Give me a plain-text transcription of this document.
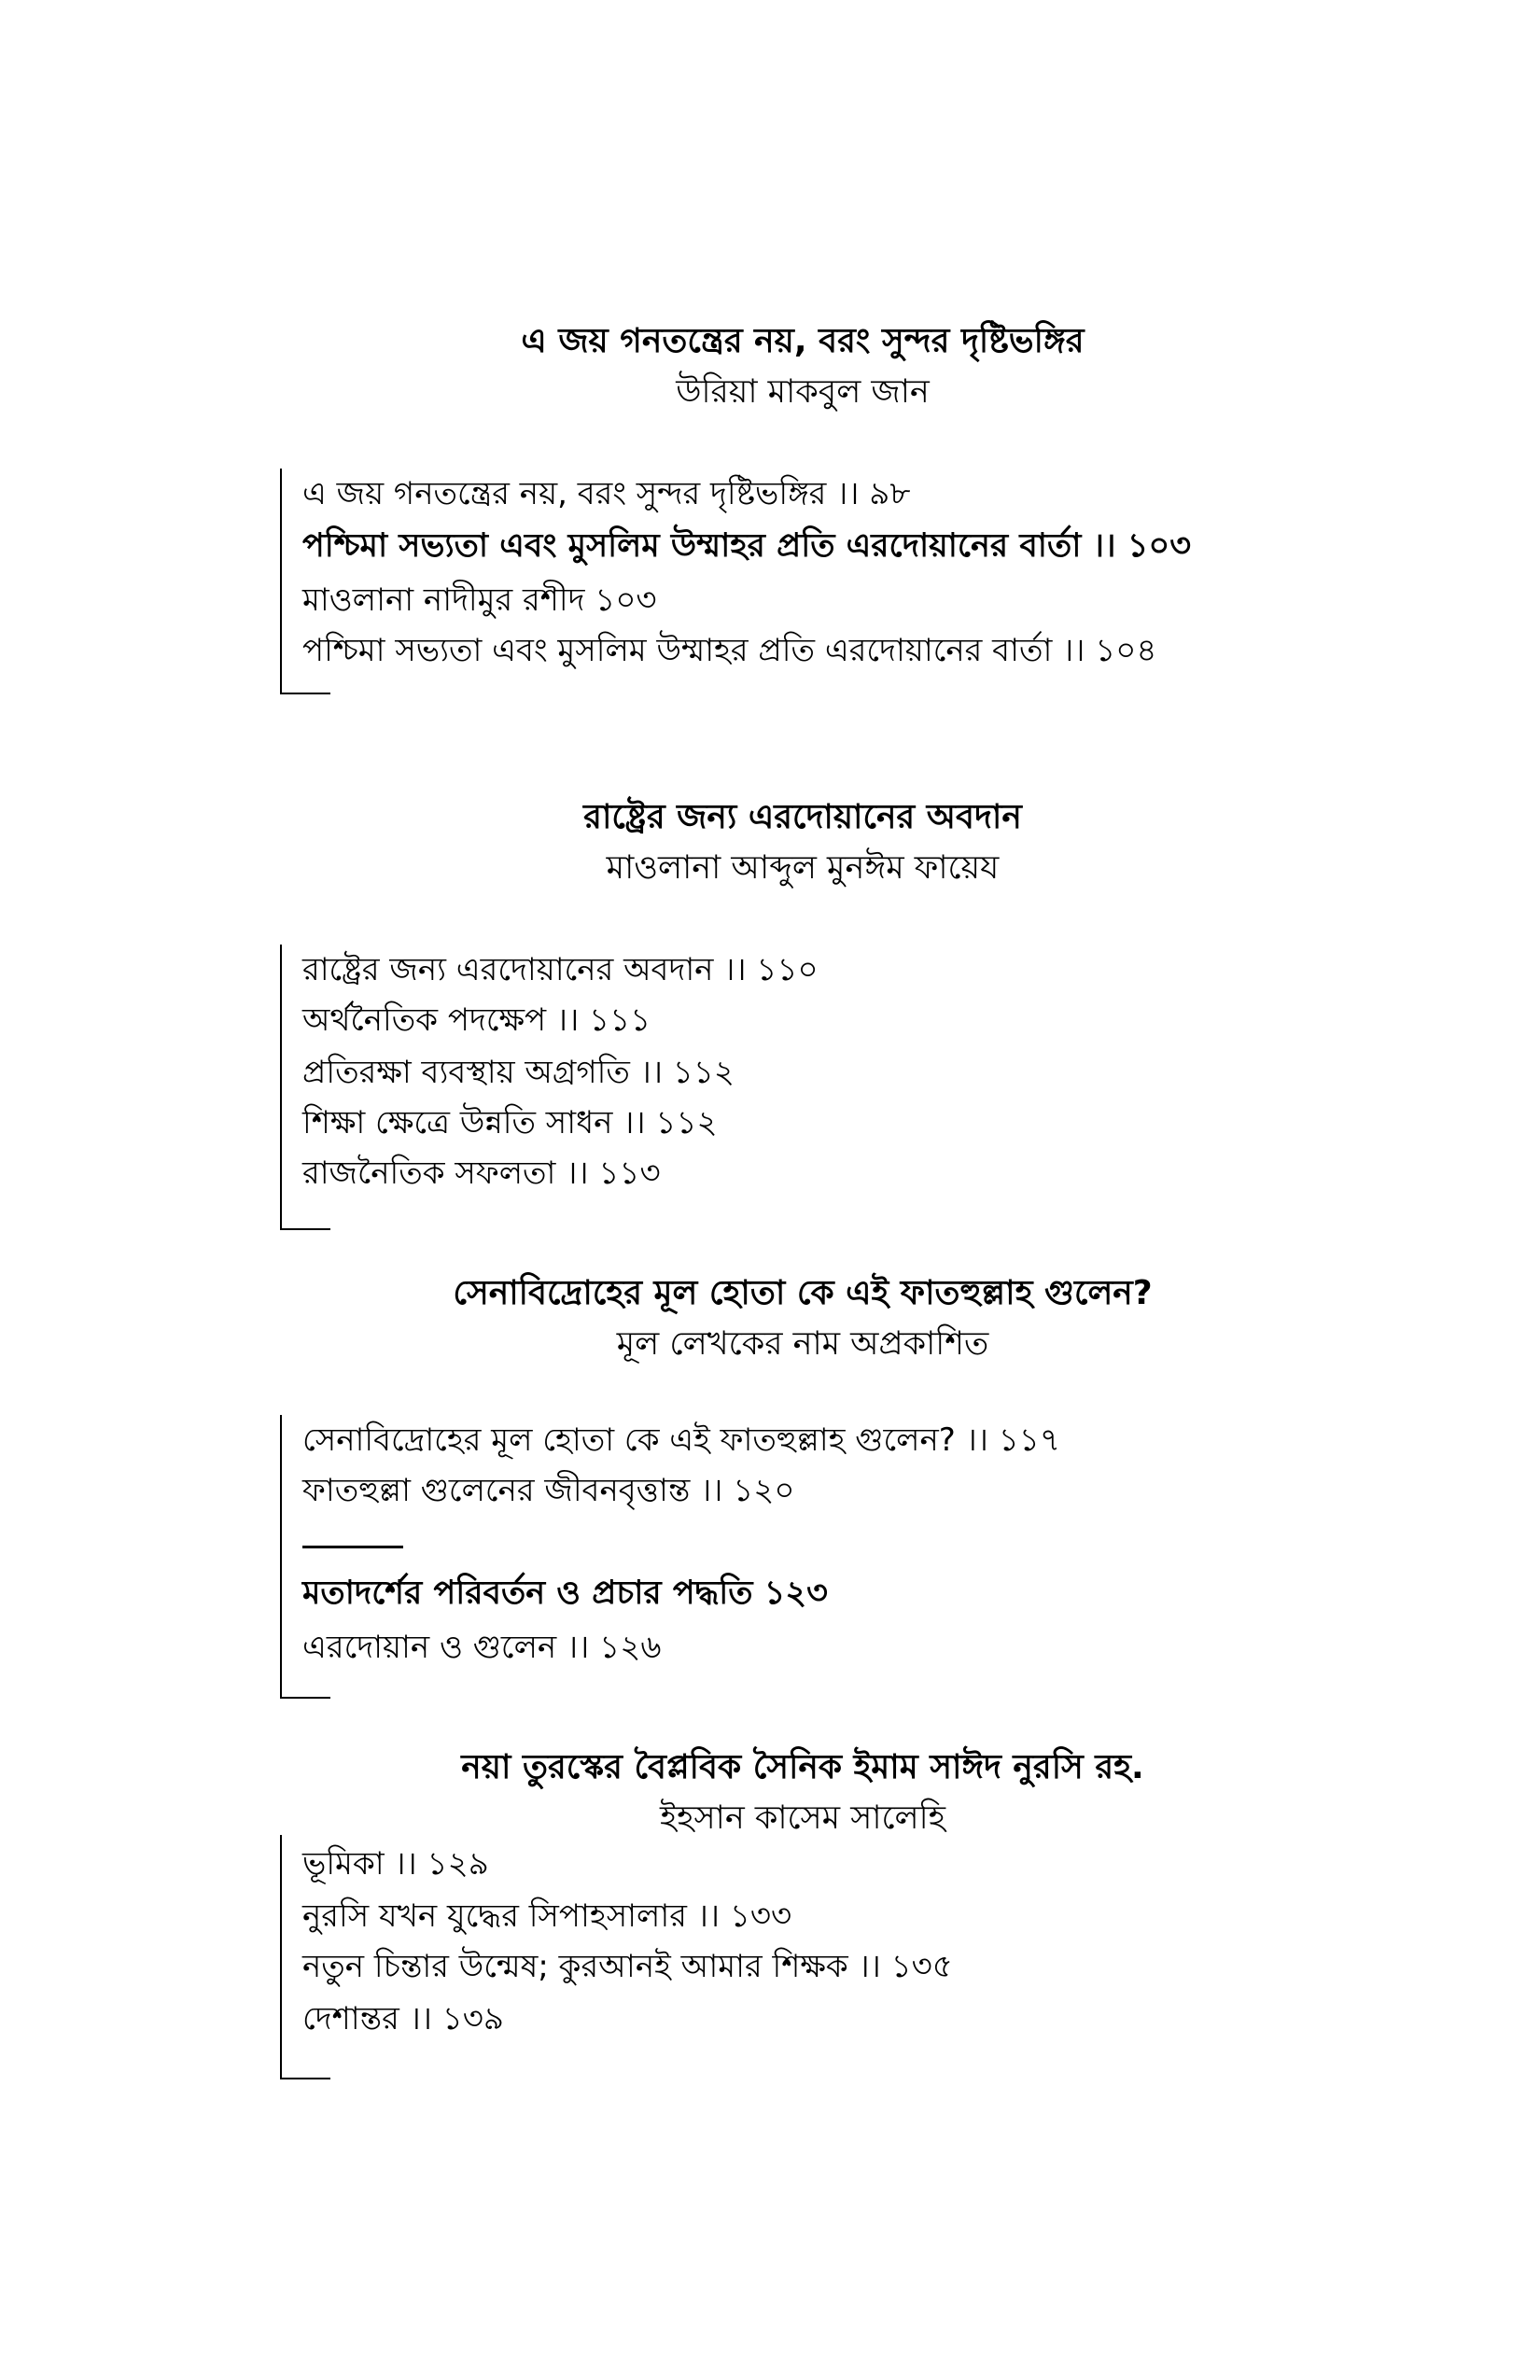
এ জয় গনতন্ত্রের নয়, বরং সুন্দর দৃষ্টিভঙ্গির
উরিয়া মাকবুল জান
এ জয় গনতন্ত্রের নয়, বরং সুন্দর দৃষ্টিভঙ্গির ।। ৯৮
পশ্চিমা সভ্যতা এবং মুসলিম উম্মাহর প্রতি এরদোয়ানের বার্তা ।। ১০৩
মাওলানা নাদীমুর রশীদ ১০৩
পশ্চিমা সভ্যতা এবং মুসলিম উম্মাহর প্রতি এরদোয়ানের বার্তা ।। ১০৪
রাষ্ট্রের জন্য এরদোয়ানের অবদান
মাওলানা আব্দুল মুনঈম ফায়েয
রাষ্ট্রের জন্য এরদোয়ানের অবদান ।। ১১০
অর্থনৈতিক পদক্ষেপ ।। ১১১
প্রতিরক্ষা ব্যবস্থায় অগ্রগতি ।। ১১২
শিক্ষা ক্ষেত্রে উন্নতি সাধন ।। ১১২
রাজনৈতিক সফলতা ।। ১১৩
সেনাবিদ্রোহের মূল হোতা কে এই ফাতহুল্লাহ গুলেন?
মূল লেখকের নাম অপ্রকাশিত
সেনাবিদ্রোহের মূল হোতা কে এই ফাতহুল্লাহ গুলেন? ।। ১১৭
ফাতহুল্লা গুলেনের জীবনবৃত্তান্ত ।। ১২০
মতাদর্শের পরিবর্তন ও প্রচার পদ্ধতি ১২৩
এরদোয়ান ও গুলেন ।। ১২৬
নয়া তুরস্কের বৈপ্লবিক সৈনিক ইমাম সাঈদ নুরসি রহ.
ইহসান কাসেম সালেহি
ভূমিকা ।। ১২৯
নুরসি যখন যুদ্ধের সিপাহসালার ।। ১৩৩
নতুন চিন্তার উন্মেষ; কুরআনই আমার শিক্ষক ।। ১৩৫
দেশান্তর ।। ১৩৯
